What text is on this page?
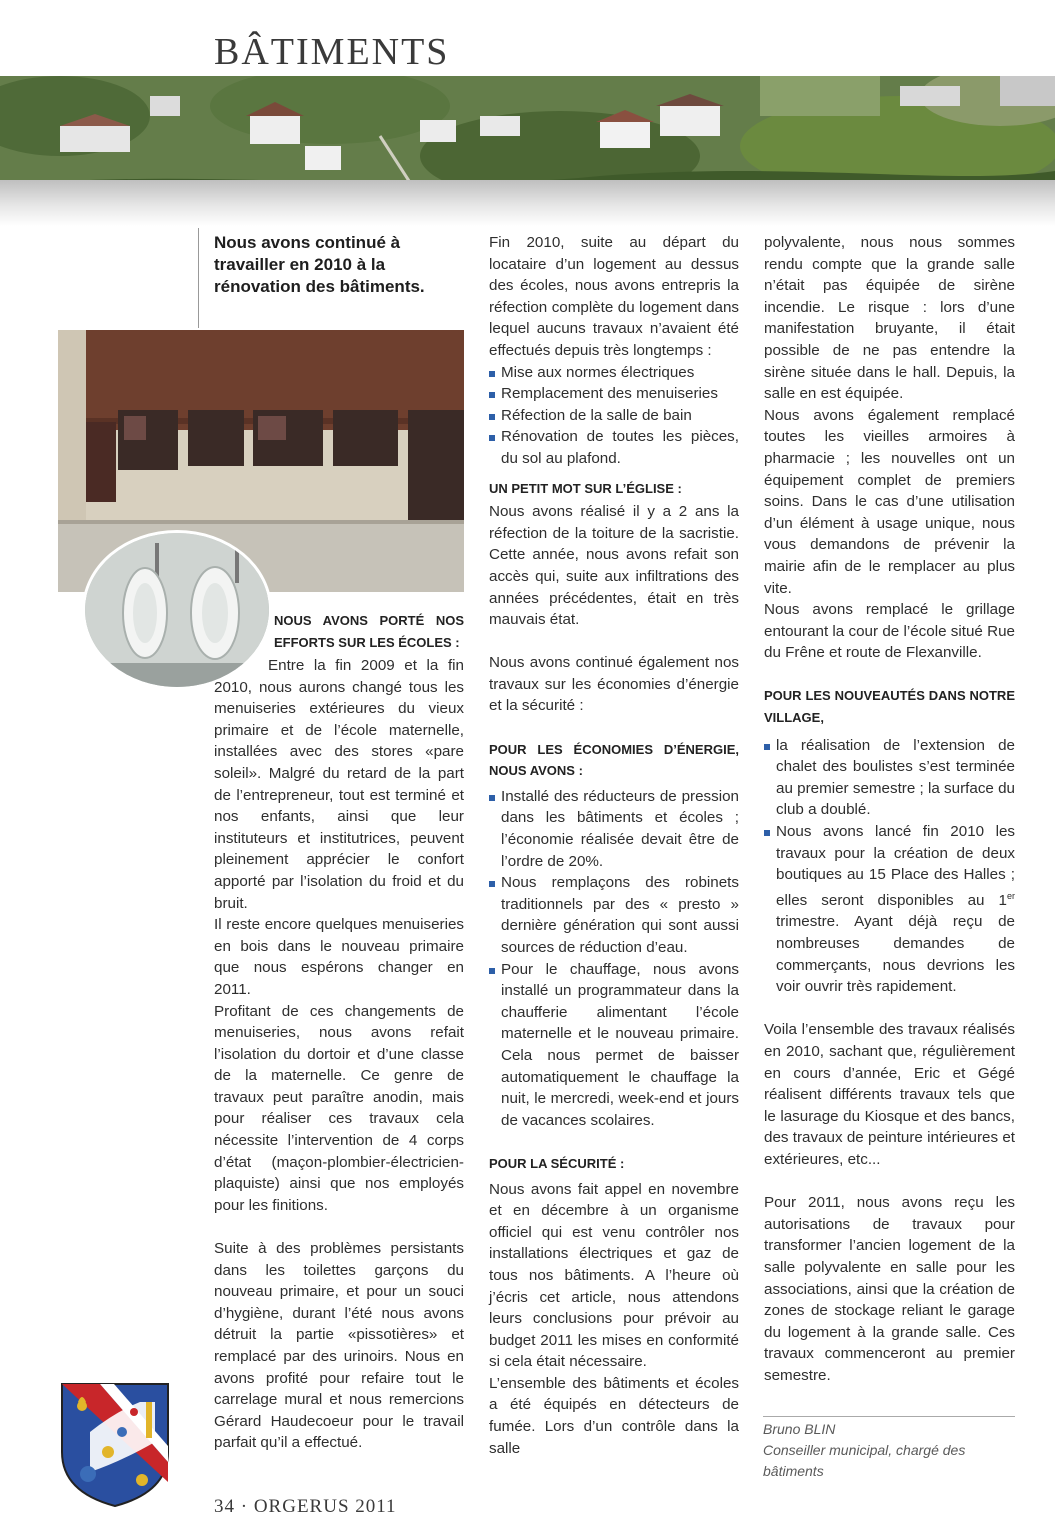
BÂTIMENTS
Nous avons continué à travailler en 2010 à la rénovation des bâtiments.

NOUS AVONS PORTÉ NOS EFFORTS SUR LES ÉCOLES :

Entre la fin 2009 et la fin 2010, nous aurons changé tous les menuiseries extérieures du vieux primaire et de l’école maternelle, installées avec des stores «pare soleil». Malgré du retard de la part de l’entrepreneur, tout est terminé et nos enfants, ainsi que leur instituteurs et institutrices, peuvent pleinement apprécier le confort apporté par l’isolation du froid et du bruit.

Il reste encore quelques menuiseries en bois dans le nouveau primaire que nous espérons changer en 2011.

Profitant de ces changements de menuiseries, nous avons refait l’isolation du dortoir et d’une classe de la maternelle. Ce genre de travaux peut paraître anodin, mais pour réaliser ces travaux cela nécessite l’intervention de 4 corps d’état (maçon-plombier-électricien-plaquiste) ainsi que nos employés pour les finitions.

Suite à des problèmes persistants dans les toilettes garçons du nouveau primaire, et pour un souci d’hygiène, durant l’été nous avons détruit la partie «pissotières» et remplacé par des urinoirs. Nous en avons profité pour refaire tout le carrelage mural et nous remercions Gérard Haudecoeur pour le travail parfait qu’il a effectué.

Fin 2010, suite au départ du locataire d’un logement au dessus des écoles, nous avons entrepris la réfection complète du logement dans lequel aucuns travaux n’avaient été effectués depuis très longtemps :

Mise aux normes électriques
Remplacement des menuiseries
Réfection de la salle de bain
Rénovation de toutes les pièces, du sol au plafond.

UN PETIT MOT SUR L’ÉGLISE :

Nous avons réalisé il y a 2 ans la réfection de la toiture de la sacristie. Cette année, nous avons refait son accès qui, suite aux infiltrations des années précédentes, était en très mauvais état.

Nous avons continué également nos travaux sur les économies d’énergie et la sécurité :

POUR LES ÉCONOMIES D’ÉNERGIE, NOUS AVONS :

Installé des réducteurs de pression dans les bâtiments et écoles ; l’économie réalisée devait être de l’ordre de 20%.
Nous remplaçons des robinets traditionnels par des « presto » dernière génération qui sont aussi sources de réduction d’eau.
Pour le chauffage, nous avons installé un programmateur dans la chaufferie alimentant l’école maternelle et le nouveau primaire. Cela nous permet de baisser automatiquement le chauffage la nuit, le mercredi, week-end et jours de vacances scolaires.

POUR LA SÉCURITÉ :

Nous avons fait appel en novembre et en décembre à un organisme officiel qui est venu contrôler nos installations électriques et gaz de tous nos bâtiments. A l’heure où j’écris cet article, nous attendons leurs conclusions pour prévoir au budget 2011 les mises en conformité si cela était nécessaire.

L’ensemble des bâtiments et écoles a été équipés en détecteurs de fumée. Lors d’un contrôle dans la salle

polyvalente, nous nous sommes rendu compte que la grande salle n’était pas équipée de sirène incendie. Le risque : lors d’une manifestation bruyante, il était possible de ne pas entendre la sirène située dans le hall. Depuis, la salle en est équipée.

Nous avons également remplacé toutes les vieilles armoires à pharmacie ; les nouvelles ont un équipement complet de premiers soins. Dans le cas d’une utilisation d’un élément à usage unique, nous vous demandons de prévenir la mairie afin de le remplacer au plus vite.

Nous avons remplacé le grillage entourant la cour de l’école situé Rue du Frêne et route de Flexanville.

POUR LES NOUVEAUTÉS DANS NOTRE VILLAGE,

la réalisation de l’extension de chalet des boulistes s’est terminée au premier semestre ; la surface du club a doublé.
Nous avons lancé fin 2010 les travaux pour la création de deux boutiques au 15 Place des Halles ; elles seront disponibles au 1er trimestre. Ayant déjà reçu de nombreuses demandes de commerçants, nous devrions les voir ouvrir très rapidement.

Voila l’ensemble des travaux réalisés en 2010, sachant que, régulièrement en cours d’année, Eric et Gégé réalisent différents travaux tels que le lasurage du Kiosque et des bancs, des travaux de peinture intérieures et extérieures, etc...

Pour 2011, nous avons reçu les autorisations de travaux pour transformer l’ancien logement de la salle polyvalente en salle pour les associations, ainsi que la création de zones de stockage reliant le garage du logement à la grande salle. Ces travaux commenceront au premier semestre.

Bruno BLIN
Conseiller municipal, chargé des
bâtiments
34 · ORGERUS 2011
